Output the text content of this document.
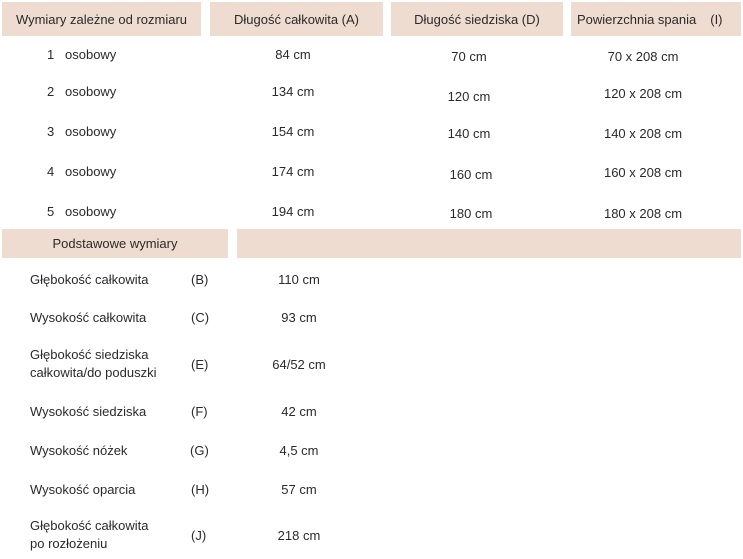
Wymiary zależne od rozmiaru	Długość całkowita (A)	Długość siedziska (D)	Powierzchnia spania (I)
1 osobowy	84 cm	70 cm	70 x 208 cm
2 osobowy	134 cm	120 cm	120 x 208 cm
3 osobowy	154 cm	140 cm	140 x 208 cm
4 osobowy	174 cm	160 cm	160 x 208 cm
5 osobowy	194 cm	180 cm	180 x 208 cm
Podstawowe wymiary
Głębokość całkowita	(B)	110 cm
Wysokość całkowita	(C)	93 cm
Głębokość siedziska
całkowita/do poduszki
(E)	64/52 cm
Wysokość siedziska	(F)	42 cm
Wysokość nóżek	(G)	4,5 cm
Wysokość oparcia	(H)	57 cm
Głębokość całkowita
po rozłożeniu
(J)	218 cm
